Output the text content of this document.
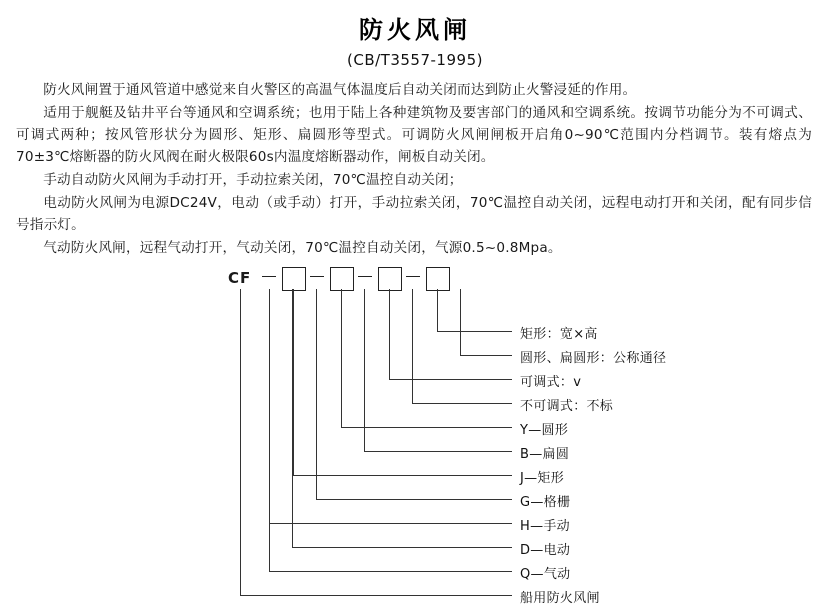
防火风闸
(CB/T3557-1995)

防火风闸置于通风管道中感觉来自火警区的高温气体温度后自动关闭而达到防止火警浸延的作用。

适用于舰艇及钻井平台等通风和空调系统；也用于陆上各种建筑物及要害部门的通风和空调系统。按调节功能分为不可调式、可调式两种；按风管形状分为圆形、矩形、扁圆形等型式。可调防火风闸闸板开启角0~90℃范围内分档调节。装有熔点为70±3℃熔断器的防火风阀在耐火极限60s内温度熔断器动作，闸板自动关闭。

手动自动防火风闸为手动打开，手动拉索关闭，70℃温控自动关闭；

电动防火风闸为电源DC24V，电动（或手动）打开，手动拉索关闭，70℃温控自动关闭，远程电动打开和关闭，配有同步信号指示灯。

气动防火风闸，远程气动打开，气动关闭，70℃温控自动关闭，气源0.5~0.8Mpa。

CF
矩形：宽×高
圆形、扁圆形：公称通径
可调式：v
不可调式：不标
Y—圆形
B—扁圆
J—矩形
G—格栅
H—手动
D—电动
Q—气动
船用防火风闸
